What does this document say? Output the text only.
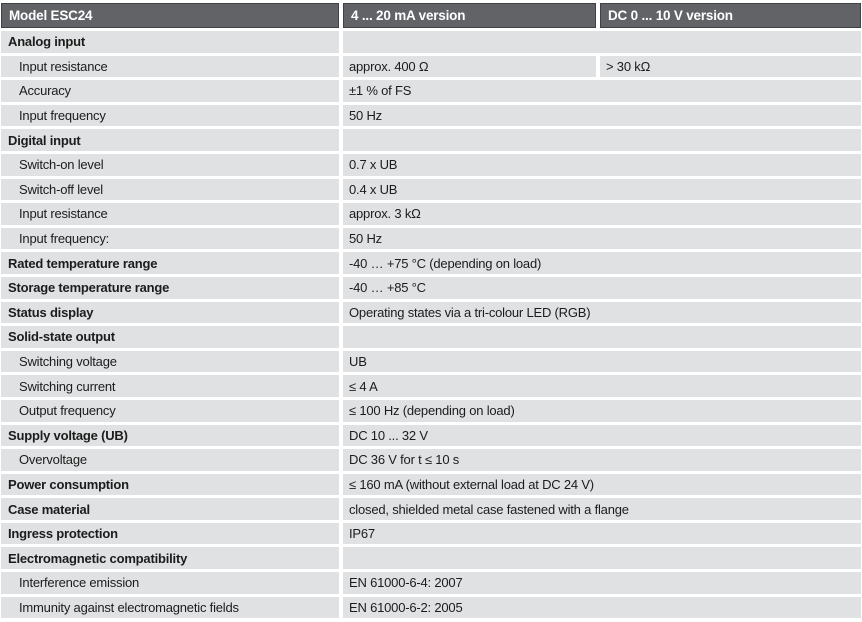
Model ESC24	4 ... 20 mA version	DC 0 ... 10 V version
Analog input		
Input resistance	approx. 400 Ω	> 30 kΩ
Accuracy	±1 % of FS	
Input frequency	50 Hz	
Digital input		
Switch-on level	0.7 x UB	
Switch-off level	0.4 x UB	
Input resistance	approx. 3 kΩ	
Input frequency:	50 Hz	
Rated temperature range	-40 … +75 °C (depending on load)	
Storage temperature range	-40 … +85 °C	
Status display	Operating states via a tri-colour LED (RGB)	
Solid-state output		
Switching voltage	UB	
Switching current	≤ 4 A	
Output frequency	≤ 100 Hz (depending on load)	
Supply voltage (UB)	DC 10 ... 32 V	
Overvoltage	DC 36 V for t ≤ 10 s	
Power consumption	≤ 160 mA (without external load at DC 24 V)	
Case material	closed, shielded metal case fastened with a flange	
Ingress protection	IP67	
Electromagnetic compatibility		
Interference emission	EN 61000-6-4: 2007	
Immunity against electromagnetic fields	EN 61000-6-2: 2005	
